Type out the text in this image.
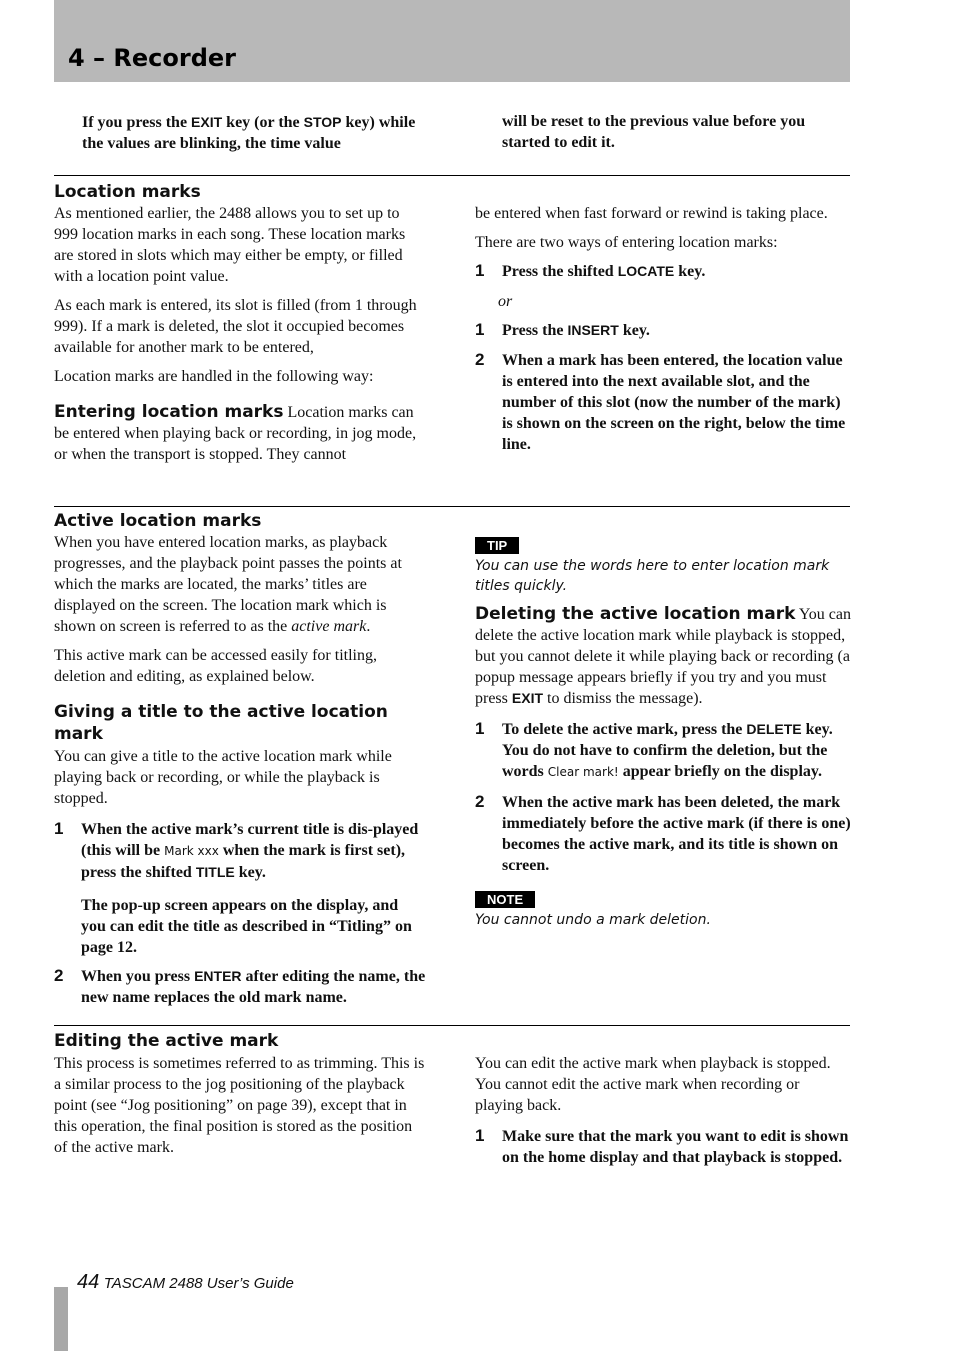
4 – Recorder
If you press the EXIT key (or the STOP key) while the values are blinking, the time value
will be reset to the previous value before you started to edit it.
Location marks

As mentioned earlier, the 2488 allows you to set up to 999 location marks in each song. These location marks are stored in slots which may either be empty, or filled with a location point value.

As each mark is entered, its slot is filled (from 1 through 999). If a mark is deleted, the slot it occupied becomes available for another mark to be entered,

Location marks are handled in the following way:

Entering location marks Location marks can be entered when playing back or recording, in jog mode, or when the transport is stopped. They cannot

be entered when fast forward or rewind is taking place.

There are two ways of entering location marks:

1 Press the shifted LOCATE key.

or

1 Press the INSERT key.
2 When a mark has been entered, the location value is entered into the next available slot, and the number of this slot (now the number of the mark) is shown on the screen on the right, below the time line.
Active location marks

When you have entered location marks, as playback progresses, and the playback point passes the points at which the marks are located, the marks’ titles are displayed on the screen. The location mark which is shown on screen is referred to as the active mark.

This active mark can be accessed easily for titling, deletion and editing, as explained below.

Giving a title to the active location mark

You can give a title to the active location mark while playing back or recording, or while the playback is stopped.

1 When the active mark’s current title is dis-played (this will be Mark xxx when the mark is first set), press the shifted TITLE key.

The pop-up screen appears on the display, and you can edit the title as described in “Titling” on page 12.

2 When you press ENTER after editing the name, the new name replaces the old mark name.
TIP

You can use the words here to enter location mark titles quickly.

Deleting the active location mark You can delete the active location mark while playback is stopped, but you cannot delete it while playing back or recording (a popup message appears briefly if you try and you must press EXIT to dismiss the message).

1 To delete the active mark, press the DELETE key. You do not have to confirm the deletion, but the words Clear mark! appear briefly on the display.
2 When the active mark has been deleted, the mark immediately before the active mark (if there is one) becomes the active mark, and its title is shown on screen.
NOTE

You cannot undo a mark deletion.

Editing the active mark

This process is sometimes referred to as trimming. This is a similar process to the jog positioning of the playback point (see “Jog positioning” on page 39), except that in this operation, the final position is stored as the position of the active mark.

You can edit the active mark when playback is stopped. You cannot edit the active mark when recording or playing back.

1 Make sure that the mark you want to edit is shown on the home display and that playback is stopped.
44 TASCAM 2488 User’s Guide
